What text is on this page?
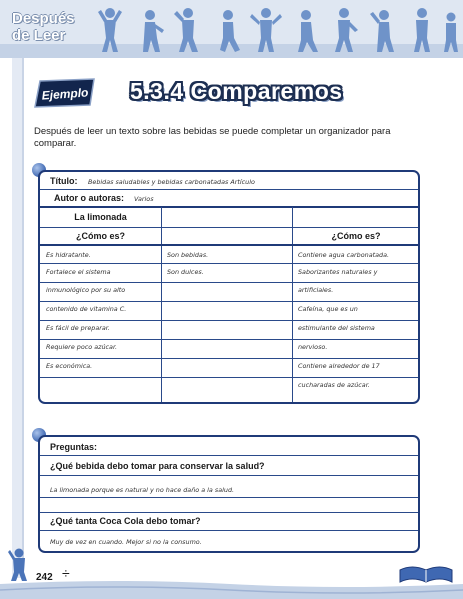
Después
de Leer
Ejemplo 5.3.4 Comparemos
Después de leer un texto sobre las bebidas se puede completar un organizador para comparar.
Título: Bebidas saludables y bebidas carbonatadas Artículo
Autor o autoras: Varios
La limonada
¿Cómo es?	¿Cómo es?
Es hidratante.
Fortalece el sistema
inmunológico por su alto
contenido de vitamina C.
Es fácil de preparar.
Requiere poco azúcar.
Es económica.
Son bebidas.
Son dulces.
Contiene agua carbonatada.
Saborizantes naturales y
artificiales.
Cafeína, que es un
estimulante del sistema
nervioso.
Contiene alrededor de 17
cucharadas de azúcar.
Preguntas:
¿Qué bebida debo tomar para conservar la salud?
La limonada porque es natural y no hace daño a la salud.
¿Qué tanta Coca Cola debo tomar?
Muy de vez en cuando. Mejor si no la consumo.
242 ÷
